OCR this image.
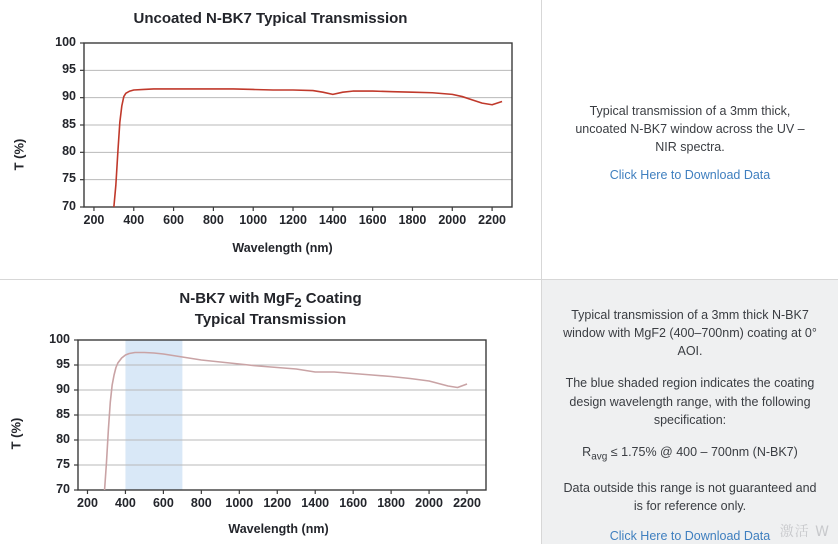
Uncoated N-BK7 Typical Transmission
T (%)
Wavelength (nm)
200	400	600	800	1000 1200 1400 1600 1800 2000 2200
70
75
80
85
90
95
100
Typical transmission of a 3mm thick, uncoated N-BK7 window across the UV – NIR spectra.
Click Here to Download Data
N-BK7 with MgF$_2$ Coating
Typical Transmission
T (%)
Wavelength (nm)
200	400	600	800	1000 1200 1400 1600 1800 2000 2200
70
75
80
85
90
95
100
Typical transmission of a 3mm thick N-BK7 window with MgF2 (400–700nm) coating at 0° AOI.
The blue shaded region indicates the coating design wavelength range, with the following specification:
$R_{avg} \le 1.75\%$ @ 400 – 700nm (N-BK7)
Data outside this range is not guaranteed and is for reference only.
Click Here to Download Data 激活 W
